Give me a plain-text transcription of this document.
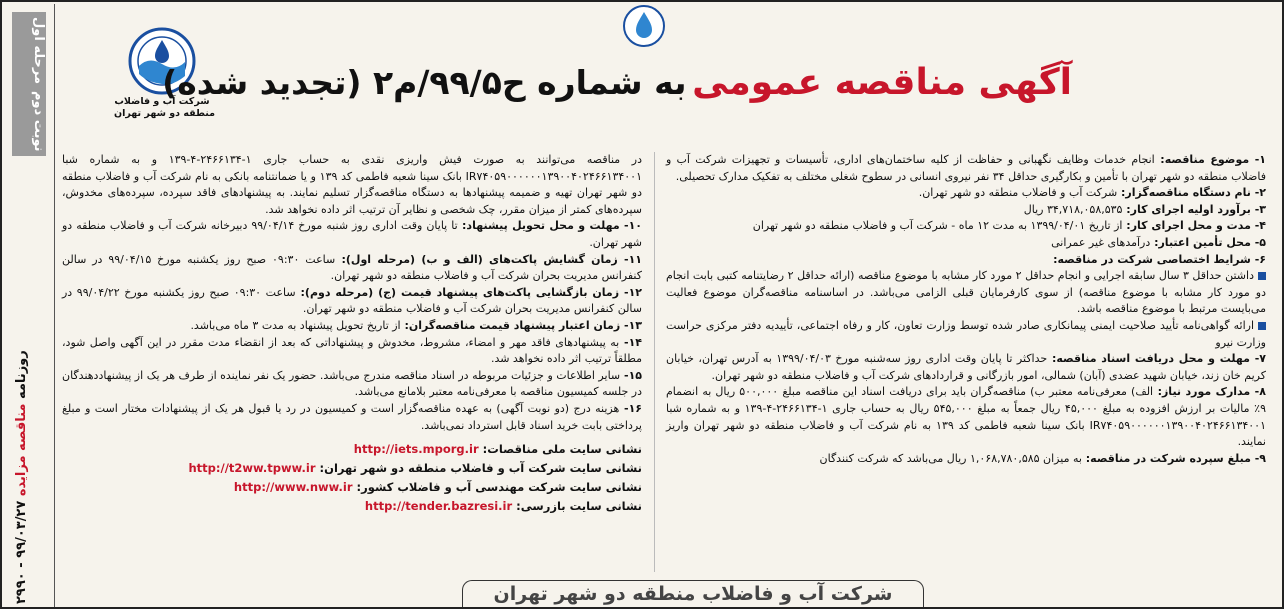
مرحله اول
نوبت دوم
روزنامه مناقصه مزایده ۹۹/۰۳/۲۷ - ۲۹۹۰
شرکت آب و فاضلاب
منطقه دو شهر تهران
آگهی مناقصه عمومی به شماره ح۹۹/۵/م۲ (تجدید شده)

۱- موضوع مناقصه: انجام خدمات وظایف نگهبانی و حفاظت از کلیه ساختمان‌های اداری، تأسیسات و تجهیزات شرکت آب و فاضلاب منطقه دو شهر تهران با تأمین و بکارگیری حداقل ۳۴ نفر نیروی انسانی در سطوح شغلی مختلف به تفکیک مدارک تحصیلی.

۲- نام دستگاه مناقصه‌گزار: شرکت آب و فاضلاب منطقه دو شهر تهران.

۳- برآورد اولیه اجرای کار: ۳۴,۷۱۸,۰۵۸,۵۳۵ ریال

۴- مدت و محل اجرای کار: از تاریخ ۱۳۹۹/۰۴/۰۱ به مدت ۱۲ ماه - شرکت آب و فاضلاب منطقه دو شهر تهران

۵- محل تأمین اعتبار: درآمدهای غیر عمرانی

۶- شرایط اختصاصی شرکت در مناقصه:

داشتن حداقل ۳ سال سابقه اجرایی و انجام حداقل ۲ مورد کار مشابه با موضوع مناقصه (ارائه حداقل ۲ رضایتنامه کتبی بابت انجام دو مورد کار مشابه با موضوع مناقصه) از سوی کارفرمایان قبلی الزامی می‌باشد. در اساسنامه مناقصه‌گران موضوع فعالیت می‌بایست مرتبط با موضوع مناقصه باشد.

ارائه گواهی‌نامه تأیید صلاحیت ایمنی پیمانکاری صادر شده توسط وزارت تعاون، کار و رفاه اجتماعی، تأییدیه دفتر مرکزی حراست وزارت نیرو

۷- مهلت و محل دریافت اسناد مناقصه: حداکثر تا پایان وقت اداری روز سه‌شنبه مورخ ۱۳۹۹/۰۴/۰۳ به آدرس تهران، خیابان کریم خان زند، خیابان شهید عضدی (آبان) شمالی، امور بازرگانی و قراردادهای شرکت آب و فاضلاب منطقه دو شهر تهران.

۸- مدارک مورد نیاز: الف) معرفی‌نامه معتبر ب) مناقصه‌گران باید برای دریافت اسناد این مناقصه مبلغ ۵۰۰,۰۰۰ ریال به انضمام ۹٪ مالیات بر ارزش افزوده به مبلغ ۴۵,۰۰۰ ریال جمعاً به مبلغ ۵۴۵,۰۰۰ ریال به حساب جاری ۱-۲۴۶۶۱۳۴-۴-۱۳۹ و به شماره شبا IR۷۴۰۵۹۰۰۰۰۰۰۱۳۹۰۰۴۰۲۴۶۶۱۳۴۰۰۱ بانک سینا شعبه فاطمی کد ۱۳۹ به نام شرکت آب و فاضلاب منطقه دو شهر تهران واریز نمایند.

۹- مبلغ سپرده شرکت در مناقصه: به میزان ۱,۰۶۸,۷۸۰,۵۸۵ ریال می‌باشد که شرکت کنندگان

در مناقصه می‌توانند به صورت فیش واریزی نقدی به حساب جاری ۱-۲۴۶۶۱۳۴-۴-۱۳۹ و به شماره شبا IR۷۴۰۵۹۰۰۰۰۰۰۱۳۹۰۰۴۰۲۴۶۶۱۳۴۰۰۱ بانک سینا شعبه فاطمی کد ۱۳۹ و یا ضمانتنامه بانکی به نام شرکت آب و فاضلاب منطقه دو شهر تهران تهیه و ضمیمه پیشنهادها به دستگاه مناقصه‌گزار تسلیم نمایند. به پیشنهادهای فاقد سپرده، سپرده‌های مخدوش، سپرده‌های کمتر از میزان مقرر، چک شخصی و نظایر آن ترتیب اثر داده نخواهد شد.

۱۰- مهلت و محل تحویل پیشنهاد: تا پایان وقت اداری روز شنبه مورخ ۹۹/۰۴/۱۴ دبیرخانه شرکت آب و فاضلاب منطقه دو شهر تهران.

۱۱- زمان گشایش پاکت‌های (الف و ب) (مرحله اول): ساعت ۰۹:۳۰ صبح روز یکشنبه مورخ ۹۹/۰۴/۱۵ در سالن کنفرانس مدیریت بحران شرکت آب و فاضلاب منطقه دو شهر تهران.

۱۲- زمان بازگشایی پاکت‌های پیشنهاد قیمت (ج) (مرحله دوم): ساعت ۰۹:۳۰ صبح روز یکشنبه مورخ ۹۹/۰۴/۲۲ در سالن کنفرانس مدیریت بحران شرکت آب و فاضلاب منطقه دو شهر تهران.

۱۳- زمان اعتبار پیشنهاد قیمت مناقصه‌گران: از تاریخ تحویل پیشنهاد به مدت ۳ ماه می‌باشد.

۱۴- به پیشنهادهای فاقد مهر و امضاء، مشروط، مخدوش و پیشنهاداتی که بعد از انقضاء مدت مقرر در این آگهی واصل شود، مطلقاً ترتیب اثر داده نخواهد شد.

۱۵- سایر اطلاعات و جزئیات مربوطه در اسناد مناقصه مندرج می‌باشد. حضور یک نفر نماینده از طرف هر یک از پیشنهاددهندگان در جلسه کمیسیون مناقصه با معرفی‌نامه معتبر بلامانع می‌باشد.

۱۶- هزینه درج (دو نوبت آگهی) به عهده مناقصه‌گزار است و کمیسیون در رد یا قبول هر یک از پیشنهادات مختار است و مبلغ پرداختی بابت خرید اسناد قابل استرداد نمی‌باشد.

نشانی سایت ملی مناقصات: http://iets.mporg.ir
نشانی سایت شرکت آب و فاضلاب منطقه دو شهر تهران: http://t2ww.tpww.ir
نشانی سایت شرکت مهندسی آب و فاضلاب کشور: http://www.nww.ir
نشانی سایت بازرسی: http://tender.bazresi.ir
شرکت آب و فاضلاب منطقه دو شهر تهران
